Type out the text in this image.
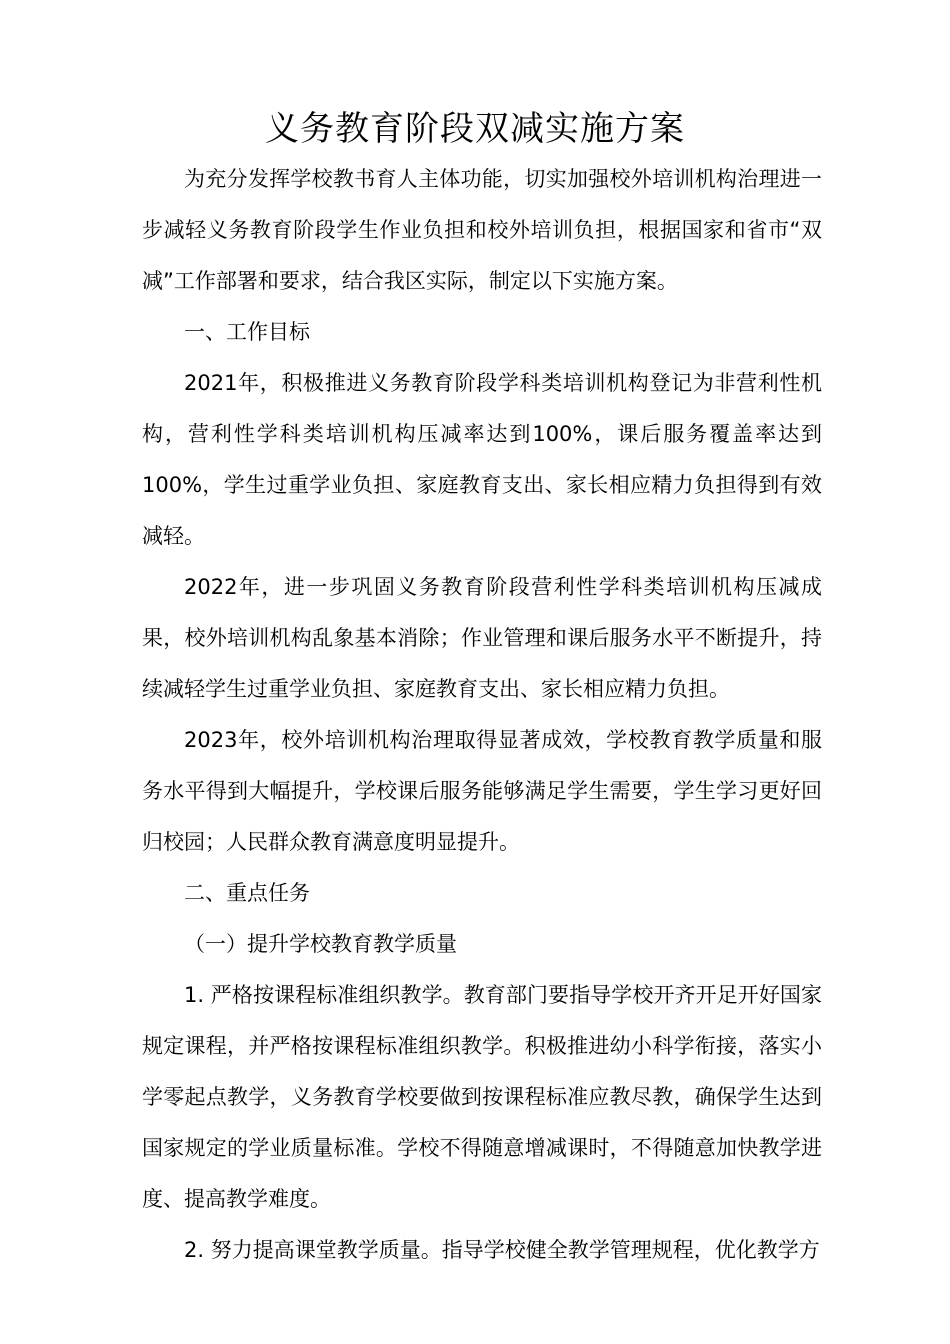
义务教育阶段双减实施方案

为充分发挥学校教书育人主体功能，切实加强校外培训机构治理进一步减轻义务教育阶段学生作业负担和校外培训负担，根据国家和省市“双减”工作部署和要求，结合我区实际，制定以下实施方案。

一、工作目标

2021年，积极推进义务教育阶段学科类培训机构登记为非营利性机构，营利性学科类培训机构压减率达到100%，课后服务覆盖率达到100%，学生过重学业负担、家庭教育支出、家长相应精力负担得到有效减轻。

2022年，进一步巩固义务教育阶段营利性学科类培训机构压减成果，校外培训机构乱象基本消除；作业管理和课后服务水平不断提升，持续减轻学生过重学业负担、家庭教育支出、家长相应精力负担。

2023年，校外培训机构治理取得显著成效，学校教育教学质量和服务水平得到大幅提升，学校课后服务能够满足学生需要，学生学习更好回归校园；人民群众教育满意度明显提升。

二、重点任务

（一）提升学校教育教学质量

1. 严格按课程标准组织教学。教育部门要指导学校开齐开足开好国家规定课程，并严格按课程标准组织教学。积极推进幼小科学衔接，落实小学零起点教学，义务教育学校要做到按课程标准应教尽教，确保学生达到国家规定的学业质量标准。学校不得随意增减课时，不得随意加快教学进度、提高教学难度。

2. 努力提高课堂教学质量。指导学校健全教学管理规程，优化教学方
